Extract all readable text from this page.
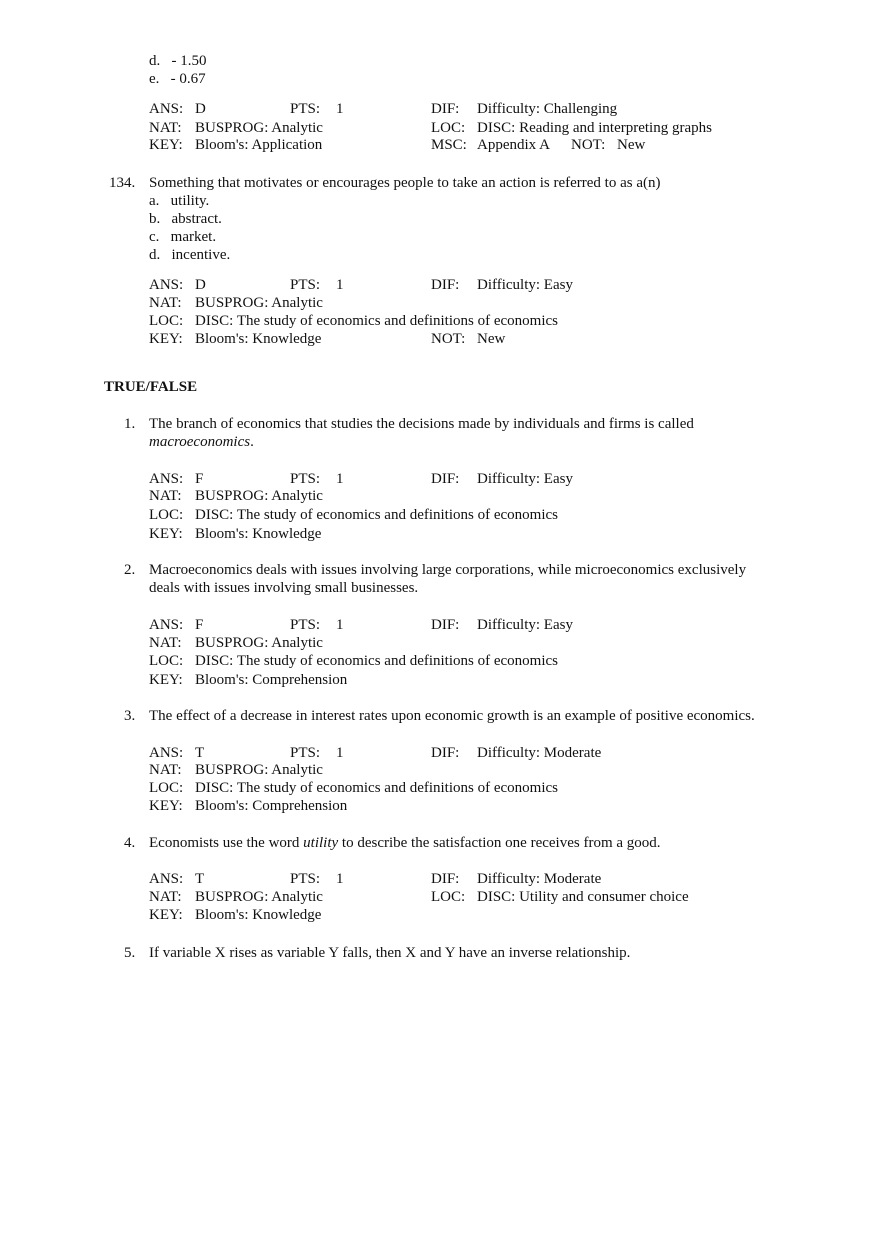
d. - 1.50
e. - 0.67
ANS: D	PTS: 1	DIF: Difficulty: Challenging
NAT: BUSPROG: Analytic	LOC: DISC: Reading and interpreting graphs
KEY: Bloom's: Application	MSC: Appendix A NOT: New
134. Something that motivates or encourages people to take an action is referred to as a(n)
a. utility.
b. abstract.
c. market.
d. incentive.
ANS: D	PTS: 1	DIF: Difficulty: Easy
NAT: BUSPROG: Analytic
LOC: DISC: The study of economics and definitions of economics
KEY: Bloom's: Knowledge	NOT: New
TRUE/FALSE
1. The branch of economics that studies the decisions made by individuals and firms is called
macroeconomics.
ANS: F	PTS: 1	DIF: Difficulty: Easy
NAT: BUSPROG: Analytic
LOC: DISC: The study of economics and definitions of economics
KEY: Bloom's: Knowledge
2. Macroeconomics deals with issues involving large corporations, while microeconomics exclusively
deals with issues involving small businesses.
ANS: F	PTS: 1	DIF: Difficulty: Easy
NAT: BUSPROG: Analytic
LOC: DISC: The study of economics and definitions of economics
KEY: Bloom's: Comprehension
3. The effect of a decrease in interest rates upon economic growth is an example of positive economics.
ANS: T	PTS: 1	DIF: Difficulty: Moderate
NAT: BUSPROG: Analytic
LOC: DISC: The study of economics and definitions of economics
KEY: Bloom's: Comprehension
4. Economists use the word utility to describe the satisfaction one receives from a good.
ANS: T	PTS: 1	DIF: Difficulty: Moderate
NAT: BUSPROG: Analytic	LOC: DISC: Utility and consumer choice
KEY: Bloom's: Knowledge
5. If variable X rises as variable Y falls, then X and Y have an inverse relationship.
